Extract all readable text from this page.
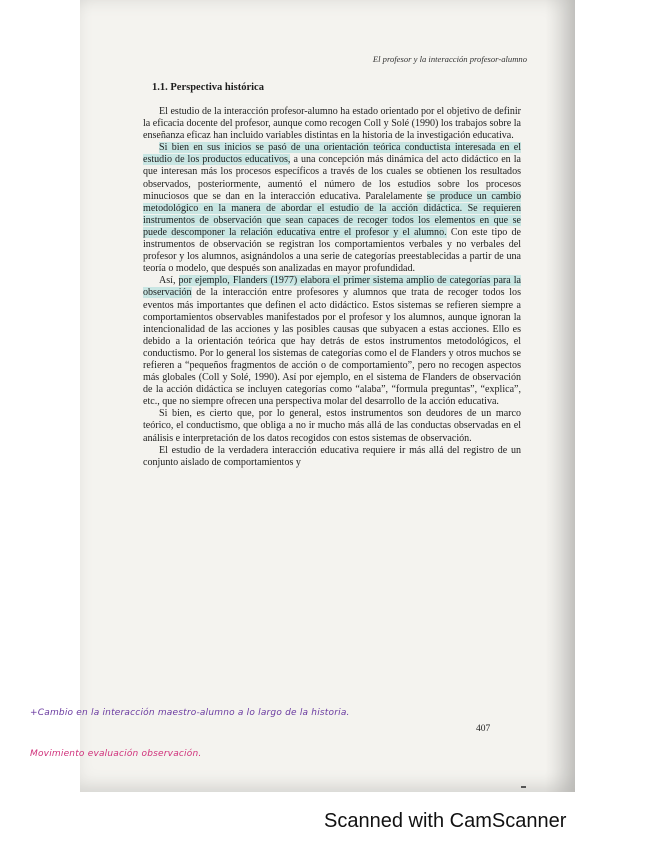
El profesor y la interacción profesor-alumno
1.1. Perspectiva histórica

El estudio de la interacción profesor-alumno ha estado orientado por el objetivo de definir la eficacia docente del profesor, aunque como recogen Coll y Solé (1990) los trabajos sobre la enseñanza eficaz han incluido variables distintas en la historia de la investigación educativa.

Si bien en sus inicios se pasó de una orientación teórica conductista interesada en el estudio de los productos educativos, a una concepción más dinámica del acto didáctico en la que interesan más los procesos específicos a través de los cuales se obtienen los resultados observados, posteriormente, aumentó el número de los estudios sobre los procesos minuciosos que se dan en la interacción educativa. Paralelamente se produce un cambio metodológico en la manera de abordar el estudio de la acción didáctica. Se requieren instrumentos de observación que sean capaces de recoger todos los elementos en que se puede descomponer la relación educativa entre el profesor y el alumno. Con este tipo de instrumentos de observación se registran los comportamientos verbales y no verbales del profesor y los alumnos, asignándolos a una serie de categorías preestablecidas a partir de una teoría o modelo, que después son analizadas en mayor profundidad.

Así, por ejemplo, Flanders (1977) elabora el primer sistema amplio de categorías para la observación de la interacción entre profesores y alumnos que trata de recoger todos los eventos más importantes que definen el acto didáctico. Estos sistemas se refieren siempre a comportamientos observables manifestados por el profesor y los alumnos, aunque ignoran la intencionalidad de las acciones y las posibles causas que subyacen a estas acciones. Ello es debido a la orientación teórica que hay detrás de estos instrumentos metodológicos, el conductismo. Por lo general los sistemas de categorías como el de Flanders y otros muchos se refieren a “pequeños fragmentos de acción o de comportamiento”, pero no recogen aspectos más globales (Coll y Solé, 1990). Así por ejemplo, en el sistema de Flanders de observación de la acción didáctica se incluyen categorías como “alaba”, “formula preguntas”, “explica”, etc., que no siempre ofrecen una perspectiva molar del desarrollo de la acción educativa.

Si bien, es cierto que, por lo general, estos instrumentos son deudores de un marco teórico, el conductismo, que obliga a no ir mucho más allá de las conductas observadas en el análisis e interpretación de los datos recogidos con estos sistemas de observación.

El estudio de la verdadera interacción educativa requiere ir más allá del registro de un conjunto aislado de comportamientos y

407
+Cambio en la interacción maestro-alumno a lo largo de la historia.
Movimiento evaluación observación.
Scanned with CamScanner
